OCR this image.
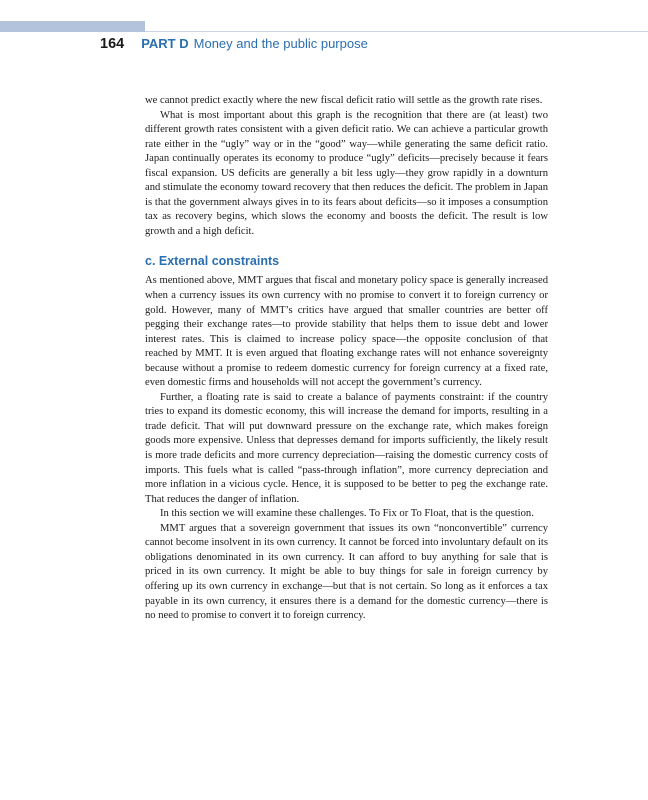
164 PART D Money and the public purpose

we cannot predict exactly where the new fiscal deficit ratio will settle as the growth rate rises.

What is most important about this graph is the recognition that there are (at least) two different growth rates consistent with a given deficit ratio. We can achieve a particular growth rate either in the “ugly” way or in the “good” way—while generating the same deficit ratio. Japan continually operates its economy to produce “ugly” deficits—precisely because it fears fiscal expansion. US deficits are generally a bit less ugly—they grow rapidly in a downturn and stimulate the economy toward recovery that then reduces the deficit. The problem in Japan is that the government always gives in to its fears about deficits—so it imposes a consumption tax as recovery begins, which slows the economy and boosts the deficit. The result is low growth and a high deficit.

c. External constraints

As mentioned above, MMT argues that fiscal and monetary policy space is generally increased when a currency issues its own currency with no promise to convert it to foreign currency or gold. However, many of MMT’s critics have argued that smaller countries are better off pegging their exchange rates—to provide stability that helps them to issue debt and lower interest rates. This is claimed to increase policy space—the opposite conclusion of that reached by MMT. It is even argued that floating exchange rates will not enhance sovereignty because without a promise to redeem domestic currency for foreign currency at a fixed rate, even domestic firms and households will not accept the government’s currency.

Further, a floating rate is said to create a balance of payments constraint: if the country tries to expand its domestic economy, this will increase the demand for imports, resulting in a trade deficit. That will put downward pressure on the exchange rate, which makes foreign goods more expensive. Unless that depresses demand for imports sufficiently, the likely result is more trade deficits and more currency depreciation—raising the domestic currency costs of imports. This fuels what is called “pass-through inflation”, more currency depreciation and more inflation in a vicious cycle. Hence, it is supposed to be better to peg the exchange rate. That reduces the danger of inflation.

In this section we will examine these challenges. To Fix or To Float, that is the question.

MMT argues that a sovereign government that issues its own “nonconvertible” currency cannot become insolvent in its own currency. It cannot be forced into involuntary default on its obligations denominated in its own currency. It can afford to buy anything for sale that is priced in its own currency. It might be able to buy things for sale in foreign currency by offering up its own currency in exchange—but that is not certain. So long as it enforces a tax payable in its own currency, it ensures there is a demand for the domestic currency—there is no need to promise to convert it to foreign currency.
